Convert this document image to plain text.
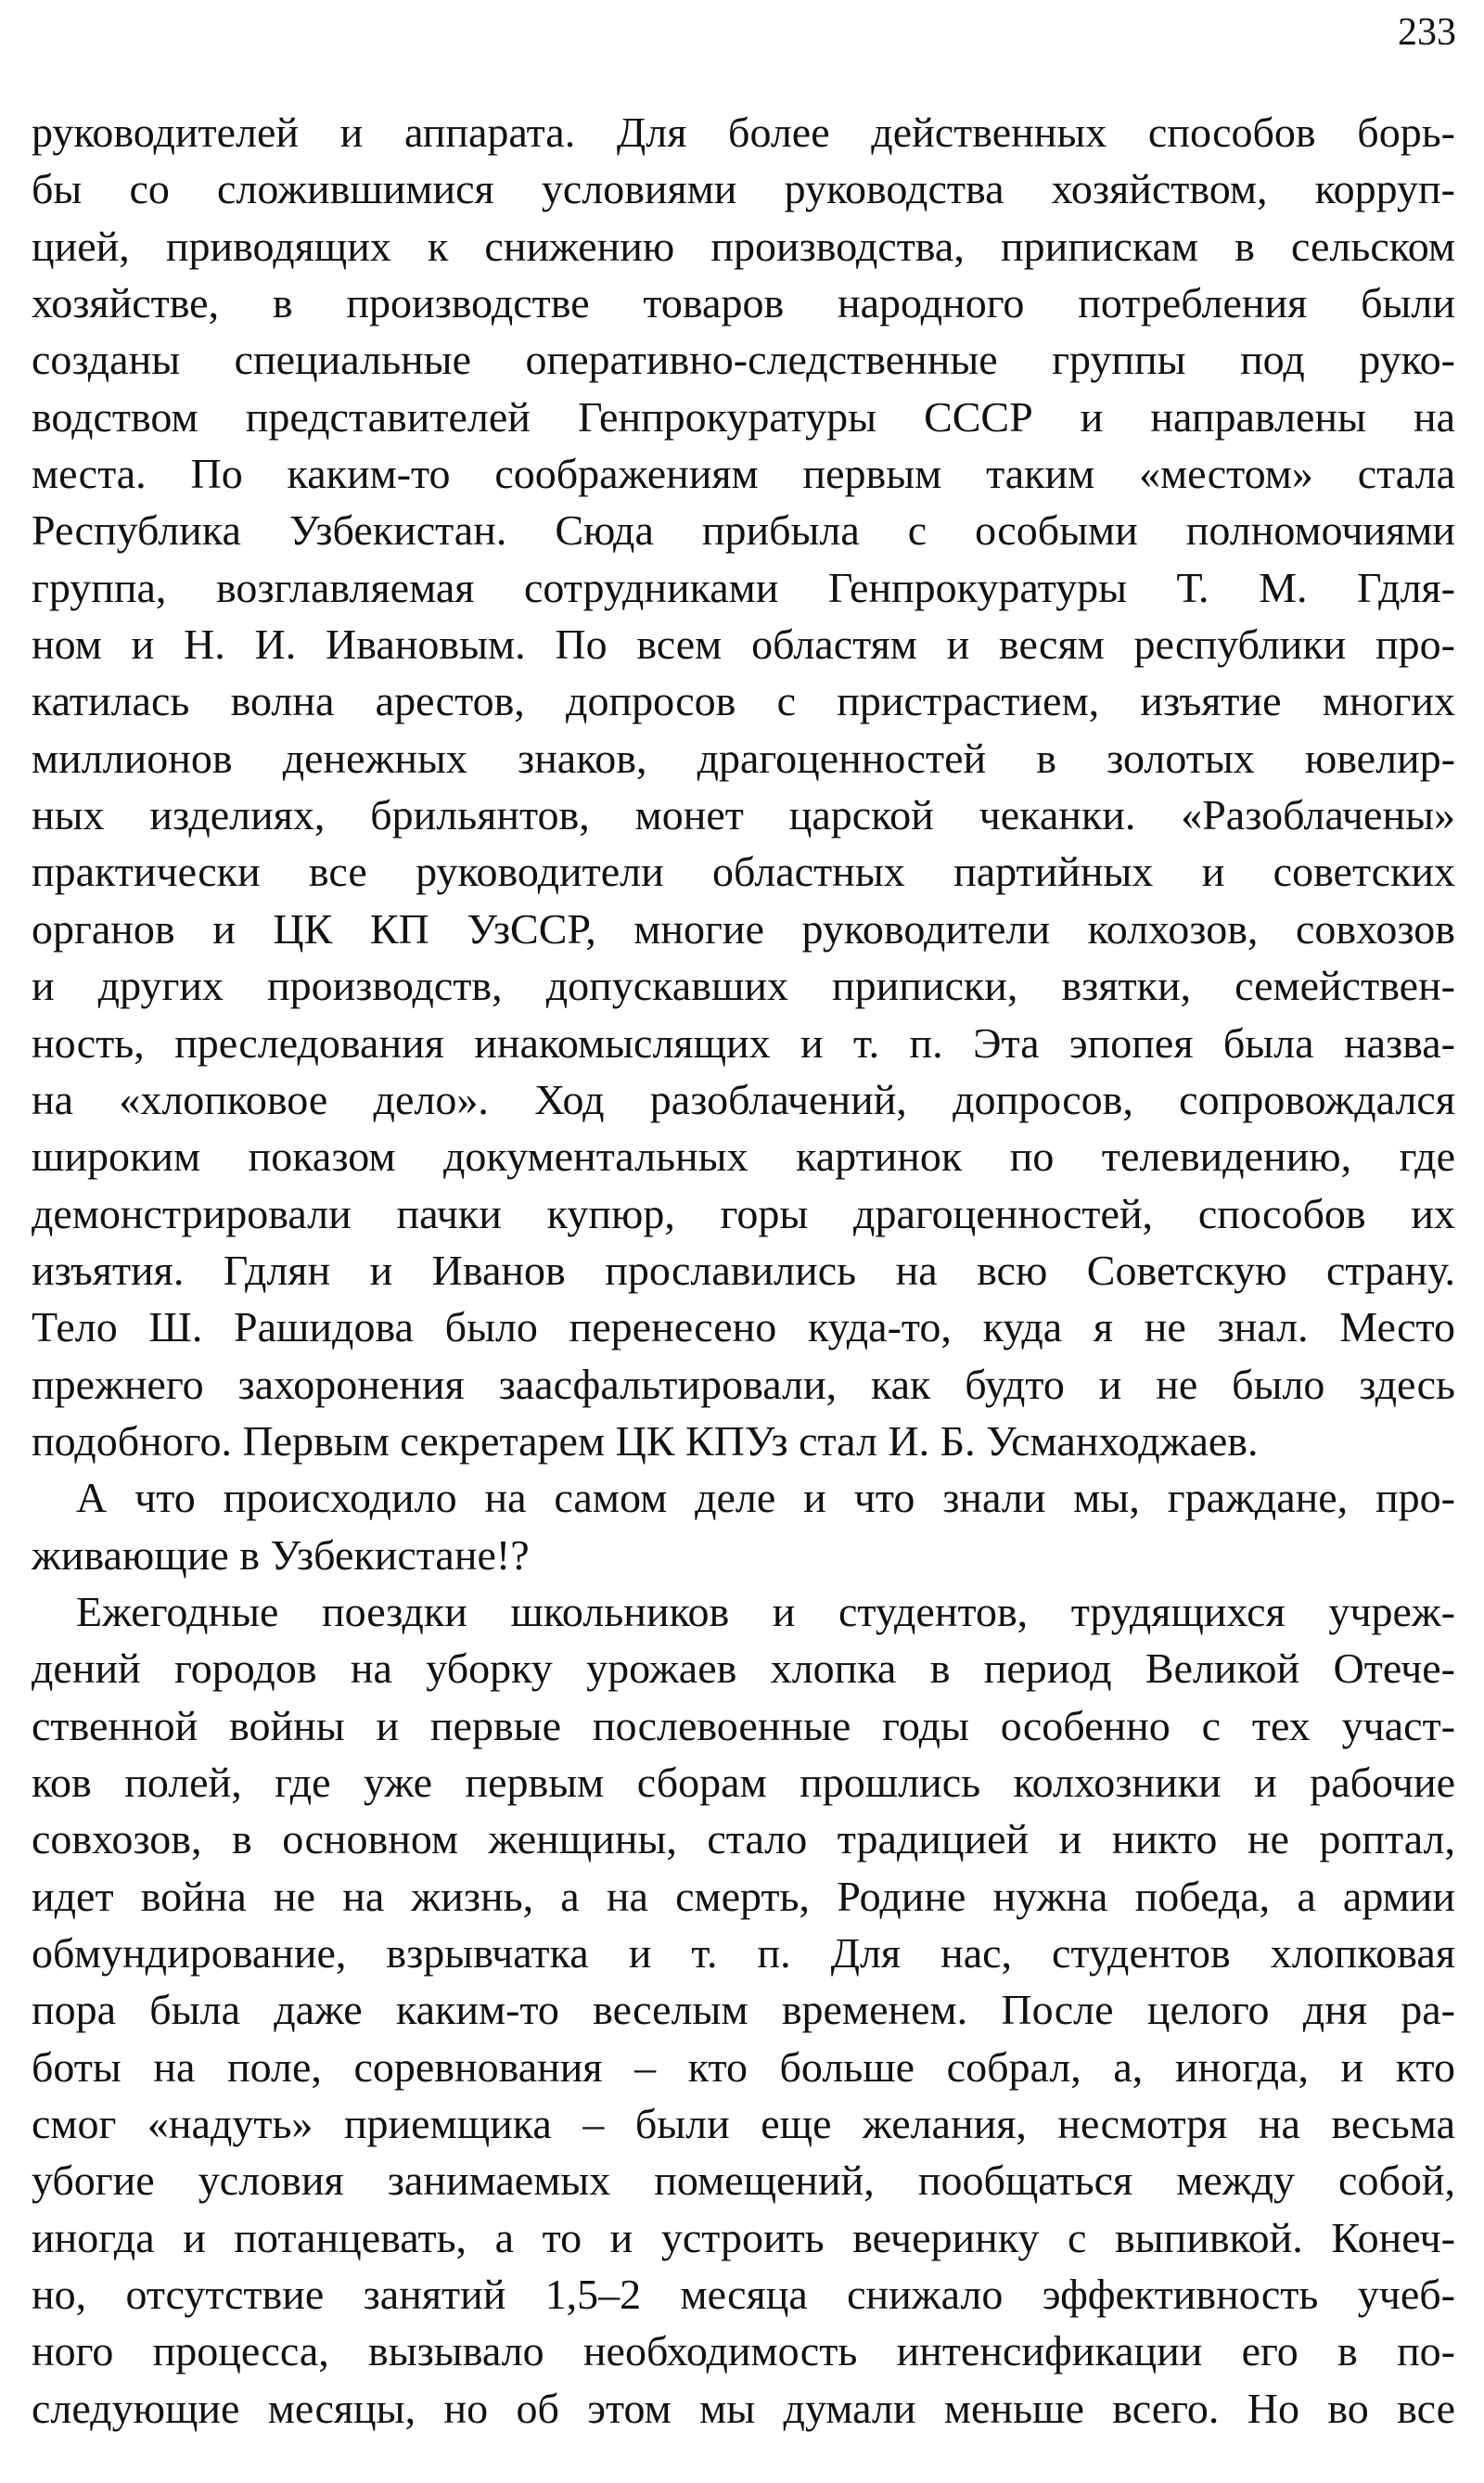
233
руководителей и аппарата. Для более действенных способов борь-
бы со сложившимися условиями руководства хозяйством, корруп-
цией, приводящих к снижению производства, припискам в сельском
хозяйстве, в производстве товаров народного потребления были
созданы специальные оперативно-следственные группы под руко-
водством представителей Генпрокуратуры СССР и направлены на
места. По каким-то соображениям первым таким «местом» стала
Республика Узбекистан. Сюда прибыла с особыми полномочиями
группа, возглавляемая сотрудниками Генпрокуратуры Т. М. Гдля-
ном и Н. И. Ивановым. По всем областям и весям республики про-
катилась волна арестов, допросов с пристрастием, изъятие многих
миллионов денежных знаков, драгоценностей в золотых ювелир-
ных изделиях, брильянтов, монет царской чеканки. «Разоблачены»
практически все руководители областных партийных и советских
органов и ЦК КП УзССР, многие руководители колхозов, совхозов
и других производств, допускавших приписки, взятки, семействен-
ность, преследования инакомыслящих и т. п. Эта эпопея была назва-
на «хлопковое дело». Ход разоблачений, допросов, сопровождался
широким показом документальных картинок по телевидению, где
демонстрировали пачки купюр, горы драгоценностей, способов их
изъятия. Гдлян и Иванов прославились на всю Советскую страну.
Тело Ш. Рашидова было перенесено куда-то, куда я не знал. Место
прежнего захоронения заасфальтировали, как будто и не было здесь
подобного. Первым секретарем ЦК КПУз стал И. Б. Усманходжаев.
А что происходило на самом деле и что знали мы, граждане, про-
живающие в Узбекистане!?
Ежегодные поездки школьников и студентов, трудящихся учреж-
дений городов на уборку урожаев хлопка в период Великой Отече-
ственной войны и первые послевоенные годы особенно с тех участ-
ков полей, где уже первым сборам прошлись колхозники и рабочие
совхозов, в основном женщины, стало традицией и никто не роптал,
идет война не на жизнь, а на смерть, Родине нужна победа, а армии
обмундирование, взрывчатка и т. п. Для нас, студентов хлопковая
пора была даже каким-то веселым временем. После целого дня ра-
боты на поле, соревнования – кто больше собрал, а, иногда, и кто
смог «надуть» приемщика – были еще желания, несмотря на весьма
убогие условия занимаемых помещений, пообщаться между собой,
иногда и потанцевать, а то и устроить вечеринку с выпивкой. Конеч-
но, отсутствие занятий 1,5–2 месяца снижало эффективность учеб-
ного процесса, вызывало необходимость интенсификации его в по-
следующие месяцы, но об этом мы думали меньше всего. Но во все
